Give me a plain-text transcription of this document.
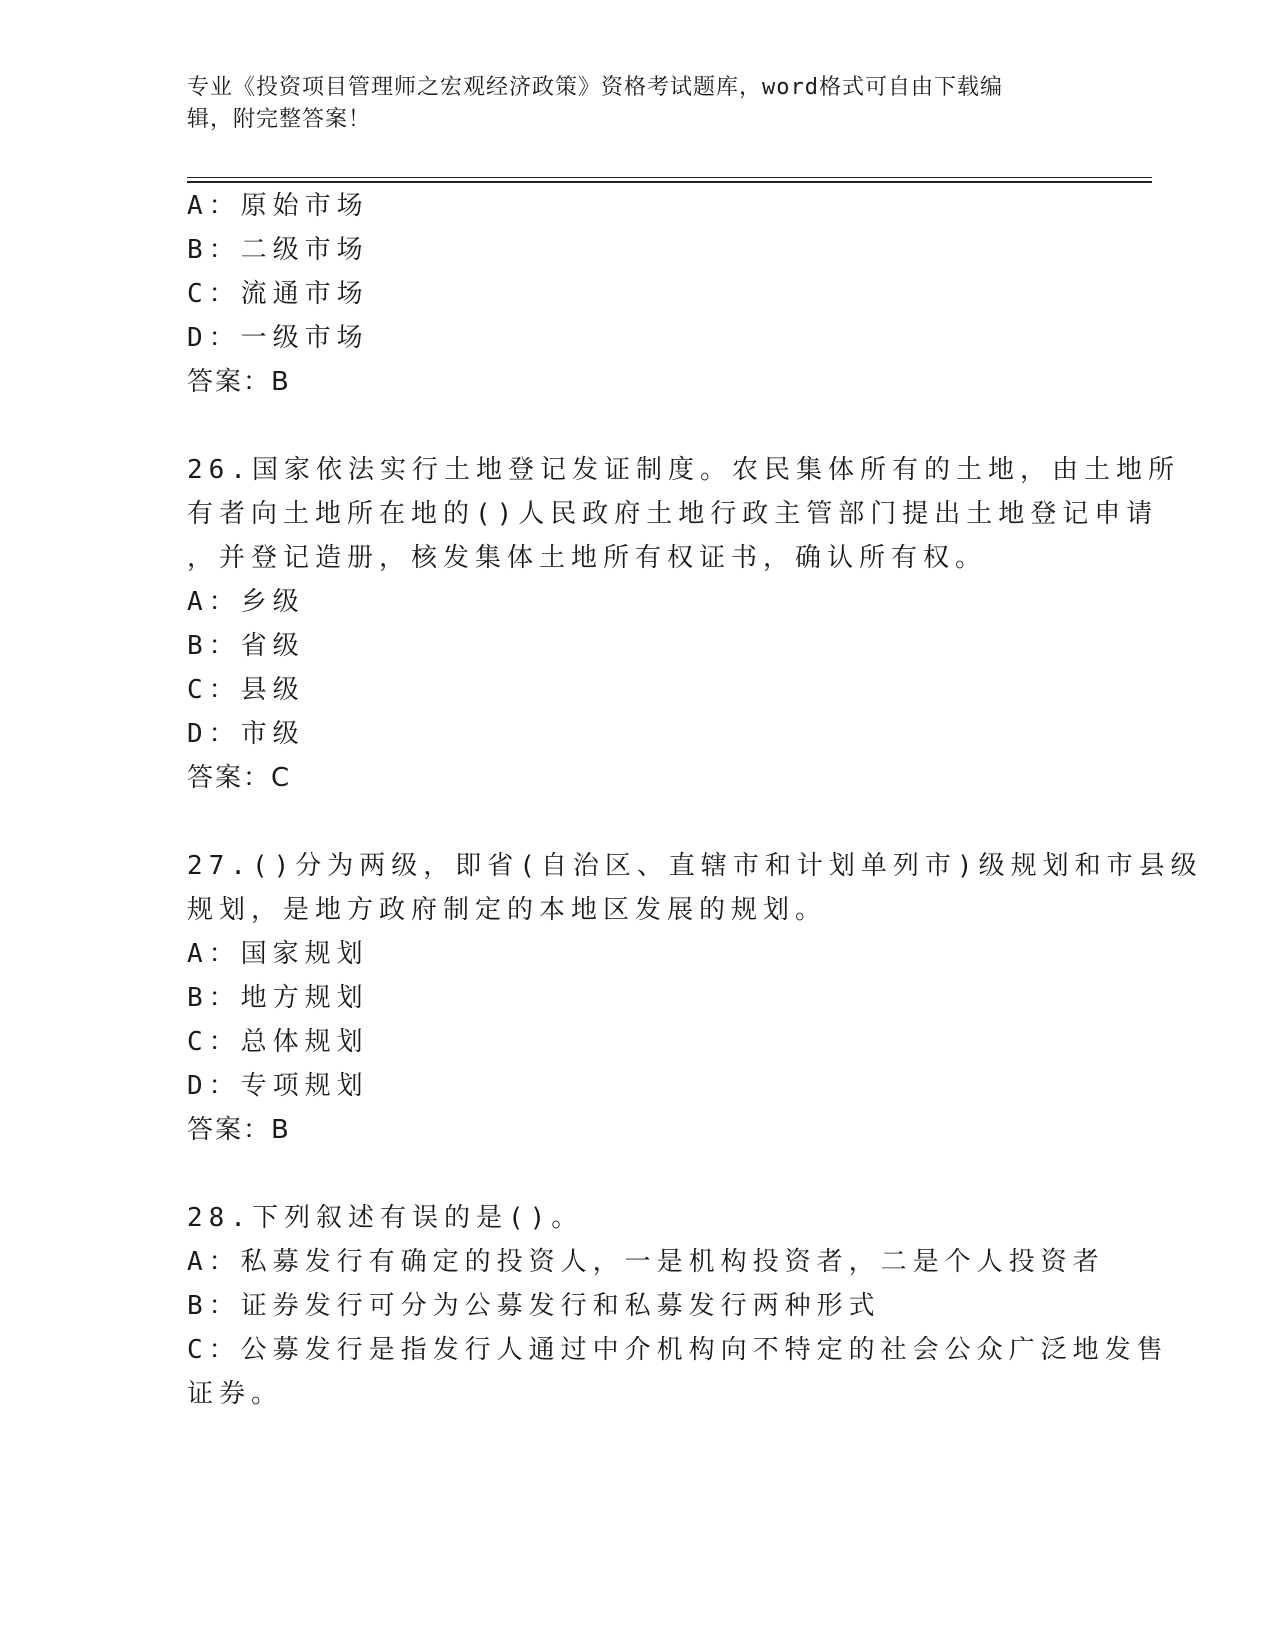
专业《投资项目管理师之宏观经济政策》资格考试题库，word格式可自由下载编
辑，附完整答案！
A：原始市场
B：二级市场
C：流通市场
D：一级市场
答案：B
26.国家依法实行土地登记发证制度。农民集体所有的土地，由土地所
有者向土地所在地的()人民政府土地行政主管部门提出土地登记申请
，并登记造册，核发集体土地所有权证书，确认所有权。
A：乡级
B：省级
C：县级
D：市级
答案：C
27.()分为两级，即省(自治区、直辖市和计划单列市)级规划和市县级
规划，是地方政府制定的本地区发展的规划。
A：国家规划
B：地方规划
C：总体规划
D：专项规划
答案：B
28.下列叙述有误的是()。
A：私募发行有确定的投资人，一是机构投资者，二是个人投资者
B：证券发行可分为公募发行和私募发行两种形式
C：公募发行是指发行人通过中介机构向不特定的社会公众广泛地发售
证券。
